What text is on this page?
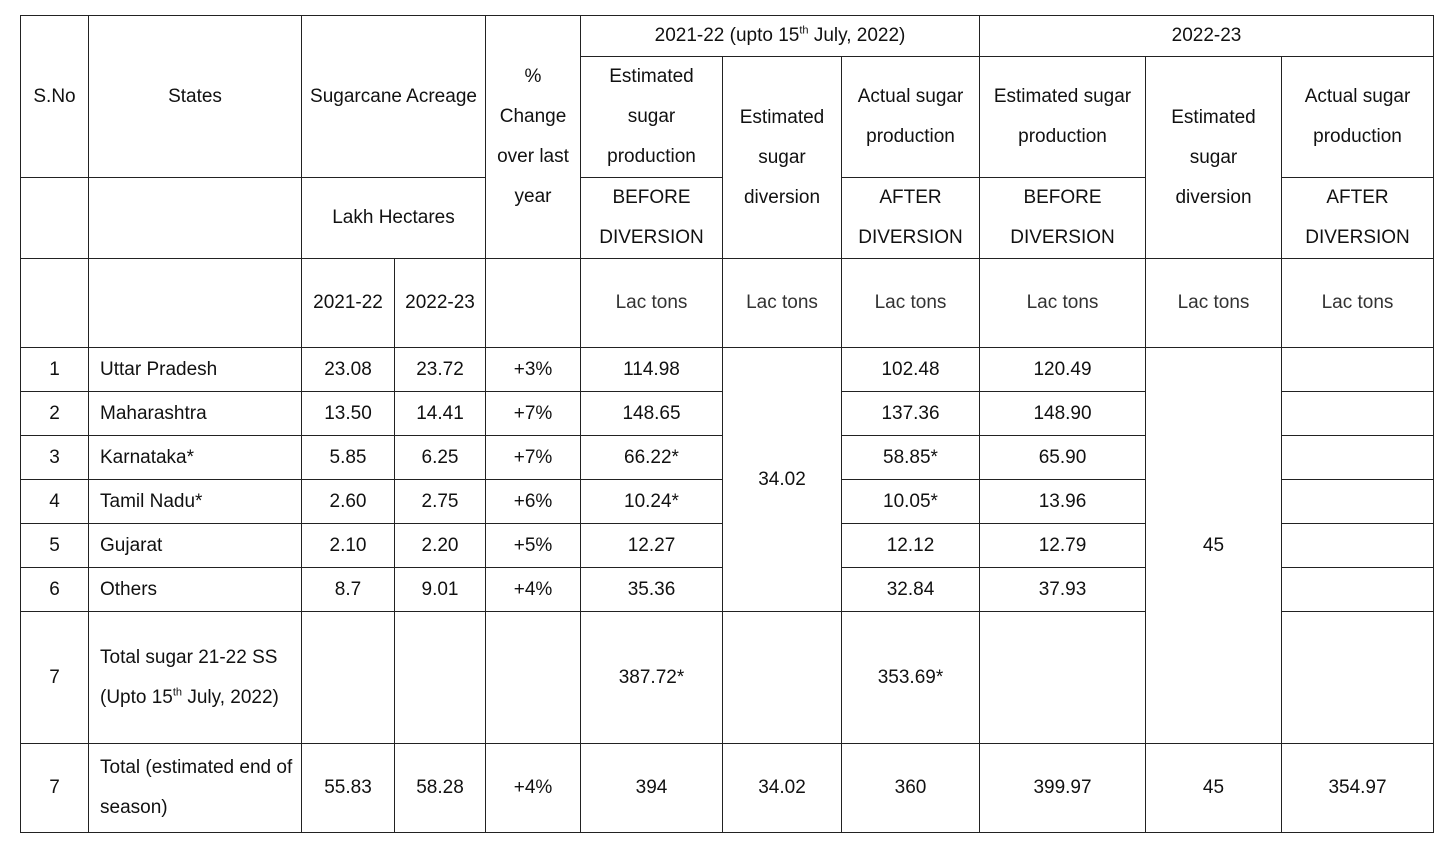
S.No	States	Sugarcane Acreage		% Change over last year	2021-22 (upto 15th July, 2022)			2022-23		
					Estimated sugar production	Estimated sugar diversion	Actual sugar production	Estimated sugar production	Estimated sugar diversion	Actual sugar production
		Lakh Hectares			BEFORE DIVERSION		AFTER DIVERSION	BEFORE DIVERSION		AFTER DIVERSION
		2021-22	2022-23		Lac tons	Lac tons	Lac tons	Lac tons	Lac tons	Lac tons
1	Uttar Pradesh	23.08	23.72	+3%	114.98	34.02	102.48	120.49	45	
2	Maharashtra	13.50	14.41	+7%	148.65		137.36	148.90		
3	Karnataka*	5.85	6.25	+7%	66.22*		58.85*	65.90		
4	Tamil Nadu*	2.60	2.75	+6%	10.24*		10.05*	13.96		
5	Gujarat	2.10	2.20	+5%	12.27		12.12	12.79		
6	Others	8.7	9.01	+4%	35.36		32.84	37.93		
7	Total sugar 21-22 SS (Upto 15th July, 2022)				387.72*		353.69*			
7	Total (estimated end of season)	55.83	58.28	+4%	394	34.02	360	399.97	45	354.97
